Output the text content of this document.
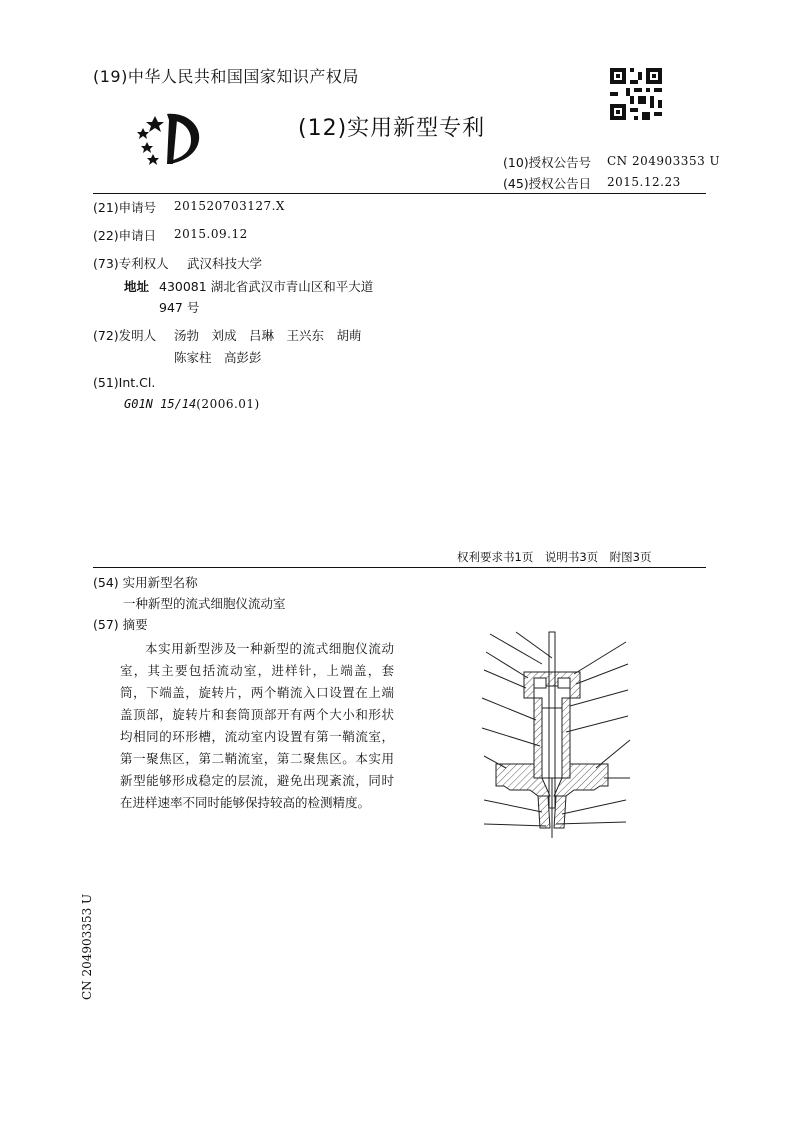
(19)中华人民共和国国家知识产权局
(12)实用新型专利
(10)授权公告号 CN 204903353 U
(45)授权公告日 2015.12.23
(21)申请号 201520703127.X
(22)申请日 2015.09.12
(73)专利权人 武汉科技大学
地址 430081 湖北省武汉市青山区和平大道
947 号
(72)发明人 汤勃　刘成　吕琳　王兴东　胡萌
陈家柱　高彭彭
(51)Int.Cl.
G01N 15/14(2006.01)
权利要求书1页　说明书3页　附图3页
(54) 实用新型名称
一种新型的流式细胞仪流动室
(57) 摘要
本实用新型涉及一种新型的流式细胞仪流动室，其主要包括流动室，进样针，上端盖，套筒，下端盖，旋转片，两个鞘流入口设置在上端盖顶部，旋转片和套筒顶部开有两个大小和形状均相同的环形槽，流动室内设置有第一鞘流室，第一聚焦区，第二鞘流室，第二聚焦区。本实用新型能够形成稳定的层流，避免出现紊流，同时在进样速率不同时能够保持较高的检测精度。
CN 204903353 U
